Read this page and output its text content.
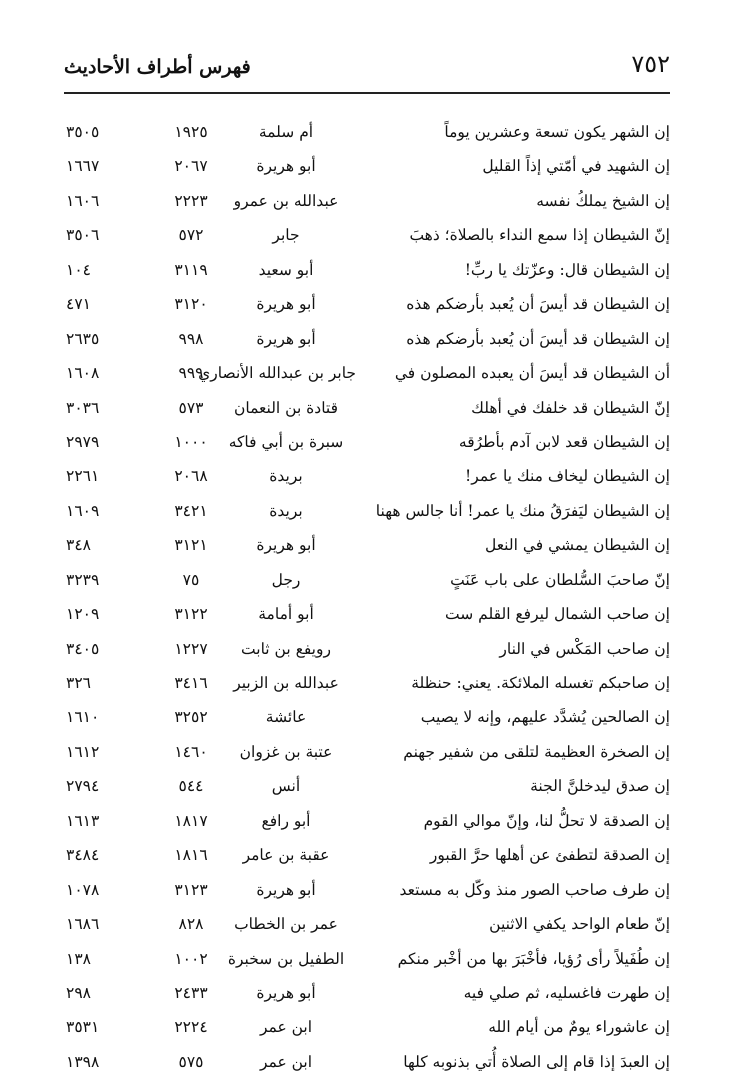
٧٥٢
فهرس أطراف الأحاديث
إن الشهر يكون تسعة وعشرين يوماً
أم سلمة
١٩٢٥
٣٥٠٥
إن الشهيد في أمّتي إذاً القليل
أبو هريرة
٢٠٦٧
١٦٦٧
إن الشيخ يملكُ نفسه
عبدالله بن عمرو
٢٢٢٣
١٦٠٦
إنّ الشيطان إذا سمع النداء بالصلاة؛ ذهبَ
جابر
٥٧٢
٣٥٠٦
إن الشيطان قال: وعزّتك يا ربِّ!
أبو سعيد
٣١١٩
١٠٤
إن الشيطان قد أيسَ أن يُعبد بأرضكم هذه
أبو هريرة
٣١٢٠
٤٧١
إن الشيطان قد أيسَ أن يُعبد بأرضكم هذه
أبو هريرة
٩٩٨
٢٦٣٥
أن الشيطان قد أيسَ أن يعبده المصلون في
جابر بن عبدالله الأنصاري
٩٩٩
١٦٠٨
إنّ الشيطان قد خلفك في أهلك
قتادة بن النعمان
٥٧٣
٣٠٣٦
إن الشيطان قعد لابن آدم بأطرُقه
سبرة بن أبي فاكه
١٠٠٠
٢٩٧٩
إن الشيطان ليخاف منك يا عمر!
بريدة
٢٠٦٨
٢٢٦١
إن الشيطان ليَفرَقُ منك يا عمر! أنا جالس ههنا
بريدة
٣٤٢١
١٦٠٩
إن الشيطان يمشي في النعل
أبو هريرة
٣١٢١
٣٤٨
إنّ صاحبَ السُّلطان على باب عَنَتٍ
رجل
٧٥
٣٢٣٩
إن صاحب الشمال ليرفع القلم ست
أبو أمامة
٣١٢٢
١٢٠٩
إن صاحب المَكْس في النار
رويفع بن ثابت
١٢٢٧
٣٤٠٥
إن صاحبكم تغسله الملائكة. يعني: حنظلة
عبدالله بن الزبير
٣٤١٦
٣٢٦
إن الصالحين يُشدَّد عليهم، وإنه لا يصيب
عائشة
٣٢٥٢
١٦١٠
إن الصخرة العظيمة لتلقى من شفير جهنم
عتبة بن غزوان
١٤٦٠
١٦١٢
إن صدق ليدخلنَّ الجنة
أنس
٥٤٤
٢٧٩٤
إن الصدقة لا تحلُّ لنا، وإنّ موالي القوم
أبو رافع
١٨١٧
١٦١٣
إن الصدقة لتطفئ عن أهلها حرَّ القبور
عقبة بن عامر
١٨١٦
٣٤٨٤
إن طرف صاحب الصور منذ وكّل به مستعد
أبو هريرة
٣١٢٣
١٠٧٨
إنّ طعام الواحد يكفي الاثنين
عمر بن الخطاب
٨٢٨
١٦٨٦
إن طُفَيلاً رأى رُؤيا، فأخْبَرَ بها من أخْبر منكم
الطفيل بن سخبرة
١٠٠٢
١٣٨
إن طهرت فاغسليه، ثم صلي فيه
أبو هريرة
٢٤٣٣
٢٩٨
إن عاشوراء يومٌ من أيام الله
ابن عمر
٢٢٢٤
٣٥٣١
إن العبدَ إذا قام إلى الصلاة أُتي بذنوبه كلها
ابن عمر
٥٧٥
١٣٩٨
